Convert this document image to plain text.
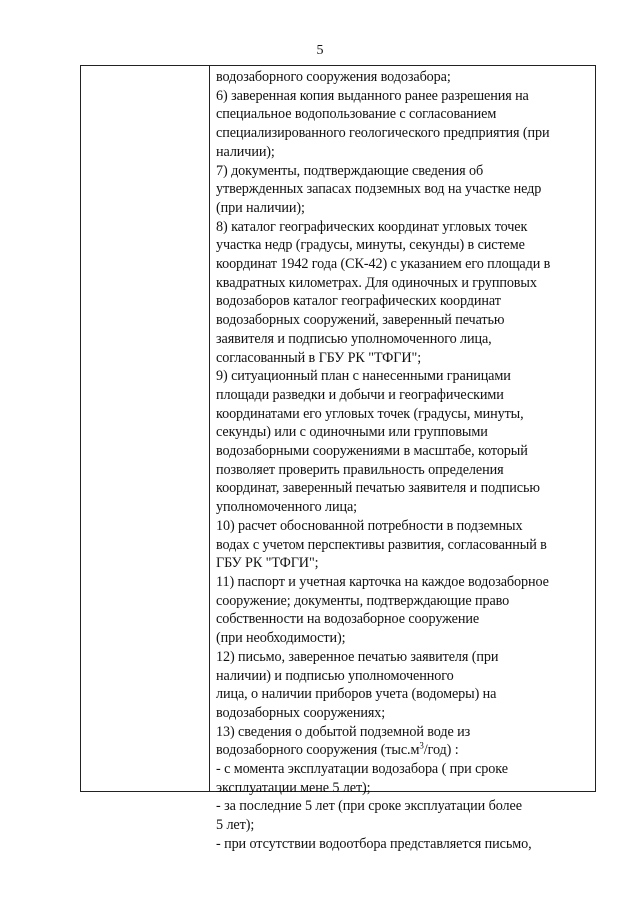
5
водозаборного сооружения водозабора;
6) заверенная копия выданного ранее разрешения на
специальное водопользование с согласованием
специализированного геологического предприятия (при
наличии);
7) документы, подтверждающие сведения об
утвержденных запасах подземных вод на участке недр
(при наличии);
8) каталог географических координат угловых точек
участка недр (градусы, минуты, секунды) в системе
координат 1942 года (СК-42) с указанием его площади в
квадратных километрах. Для одиночных и групповых
водозаборов каталог географических координат
водозаборных сооружений, заверенный печатью
заявителя и подписью уполномоченного лица,
согласованный в ГБУ РК "ТФГИ";
9) ситуационный план с нанесенными границами
площади разведки и добычи и географическими
координатами его угловых точек (градусы, минуты,
секунды) или с одиночными или групповыми
водозаборными сооружениями в масштабе, который
позволяет проверить правильность определения
координат, заверенный печатью заявителя и подписью
уполномоченного лица;
10) расчет обоснованной потребности в подземных
водах с учетом перспективы развития, согласованный в
ГБУ РК "ТФГИ";
11) паспорт и учетная карточка на каждое водозаборное
сооружение; документы, подтверждающие право
собственности на водозаборное сооружение
(при необходимости);
12) письмо, заверенное печатью заявителя (при
наличии) и подписью уполномоченного
лица, о наличии приборов учета (водомеры) на
водозаборных сооружениях;
13) сведения о добытой подземной воде из
водозаборного сооружения $(тыс.м^3/год)$ :
- с момента эксплуатации водозабора ( при сроке
эксплуатации мене 5 лет);
- за последние 5 лет (при сроке эксплуатации более
5 лет);
- при отсутствии водоотбора представляется письмо,
